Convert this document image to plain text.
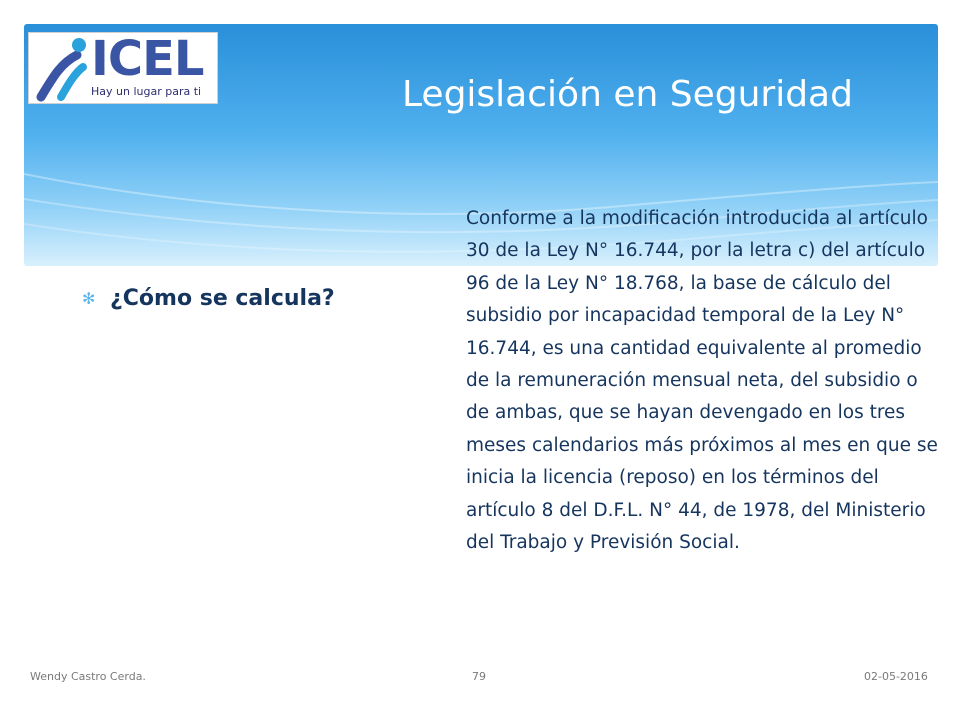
ICEL
Hay un lugar para ti	Legislación en Seguridad
✻ ¿Cómo se calcula?
Conforme a la modificación introducida al artículo 30 de la Ley N° 16.744, por la letra c) del artículo 96 de la Ley N° 18.768, la base de cálculo del subsidio por incapacidad temporal de la Ley N° 16.744, es una cantidad equivalente al promedio de la remuneración mensual neta, del subsidio o de ambas, que se hayan devengado en los tres meses calendarios más próximos al mes en que se inicia la licencia (reposo) en los términos del artículo 8 del D.F.L. N° 44, de 1978, del Ministerio del Trabajo y Previsión Social.
Wendy Castro Cerda.	79	02-05-2016
